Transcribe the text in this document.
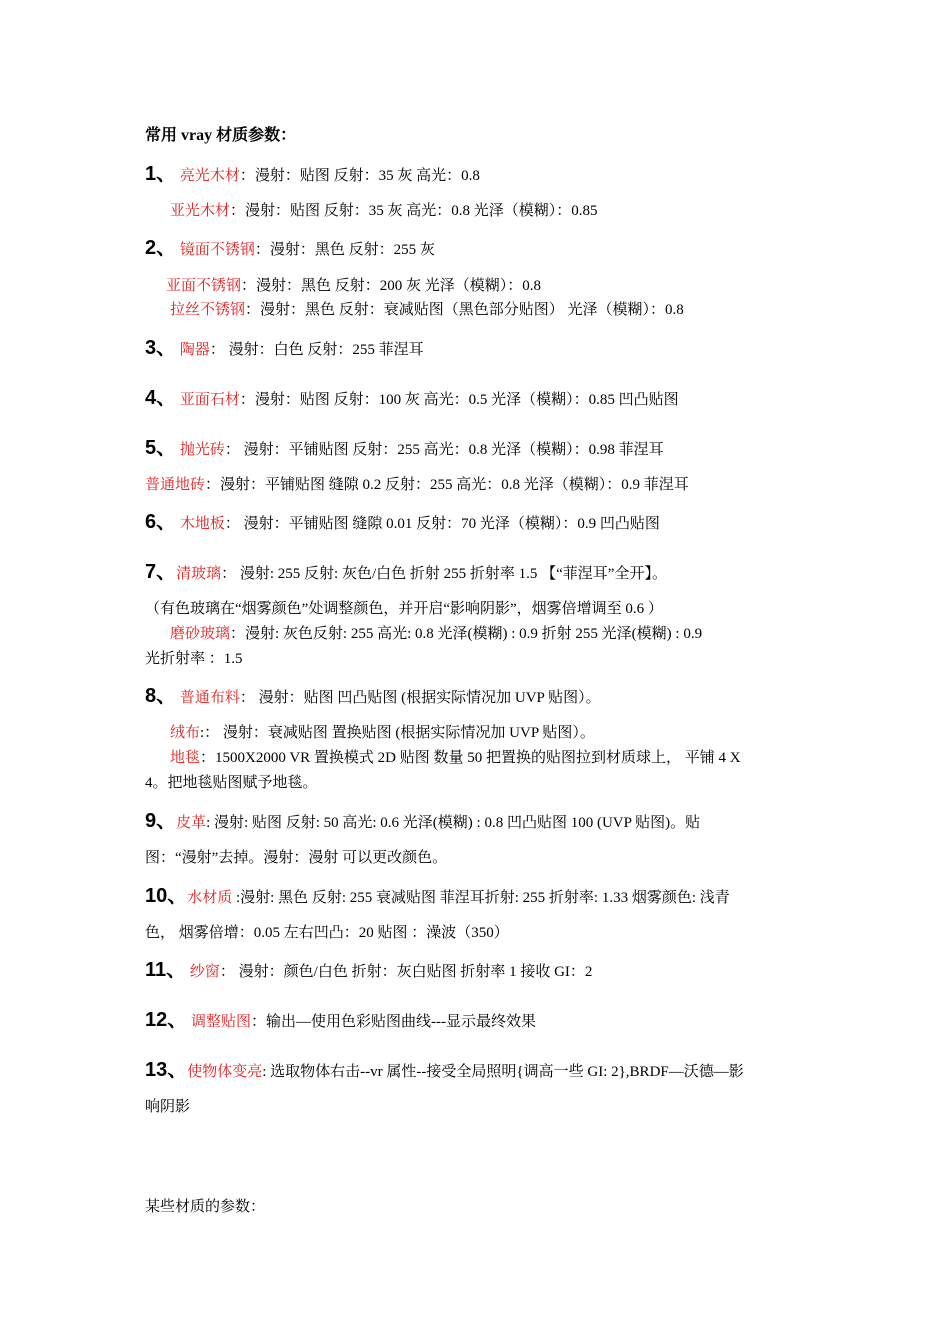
常用 vray 材质参数：
1、 亮光木材：漫射：贴图 反射：35 灰 高光：0.8
亚光木材：漫射：贴图 反射：35 灰 高光：0.8 光泽（模糊）：0.85
2、 镜面不锈钢：漫射：黑色 反射：255 灰
亚面不锈钢：漫射：黑色 反射：200 灰 光泽（模糊）：0.8
拉丝不锈钢：漫射：黑色 反射：衰减贴图（黑色部分贴图） 光泽（模糊）：0.8
3、 陶器： 漫射：白色 反射：255 菲涅耳
4、 亚面石材：漫射：贴图 反射：100 灰 高光：0.5 光泽（模糊）：0.85 凹凸贴图
5、 抛光砖： 漫射：平铺贴图 反射：255 高光：0.8 光泽（模糊）：0.98 菲涅耳
普通地砖：漫射：平铺贴图 缝隙 0.2 反射：255 高光：0.8 光泽（模糊）：0.9 菲涅耳
6、 木地板： 漫射：平铺贴图 缝隙 0.01 反射：70 光泽（模糊）：0.9 凹凸贴图
7、清玻璃： 漫射: 255 反射: 灰色/白色 折射 255 折射率 1.5 【“菲涅耳”全开】。
（有色玻璃在“烟雾颜色”处调整颜色，并开启“影响阴影”，烟雾倍增调至 0.6 ）
磨砂玻璃：漫射: 灰色反射: 255 高光: 0.8 光泽(模糊) : 0.9 折射 255 光泽(模糊) : 0.9
光折射率 ：1.5
8、 普通布料： 漫射：贴图 凹凸贴图 (根据实际情况加 UVP 贴图）。
绒布:： 漫射：衰减贴图 置换贴图 (根据实际情况加 UVP 贴图）。
地毯：1500X2000 VR 置换模式 2D 贴图 数量 50 把置换的贴图拉到材质球上， 平铺 4 X
4。把地毯贴图赋予地毯。
9、皮革: 漫射: 贴图 反射: 50 高光: 0.6 光泽(模糊) : 0.8 凹凸贴图 100 (UVP 贴图)。贴
图：“漫射”去掉。漫射：漫射 可以更改颜色。
10、水材质 :漫射: 黑色 反射: 255 衰减贴图 菲涅耳折射: 255 折射率: 1.33 烟雾颜色: 浅青
色， 烟雾倍增：0.05 左右凹凸：20 贴图 ：澡波（350）
11、 纱窗： 漫射：颜色/白色 折射：灰白贴图 折射率 1 接收 GI：2
12、 调整贴图：输出—使用色彩贴图曲线---显示最终效果
13、使物体变亮: 选取物体右击--vr 属性--接受全局照明{调高一些 GI: 2},BRDF—沃德—影
响阴影
某些材质的参数：
